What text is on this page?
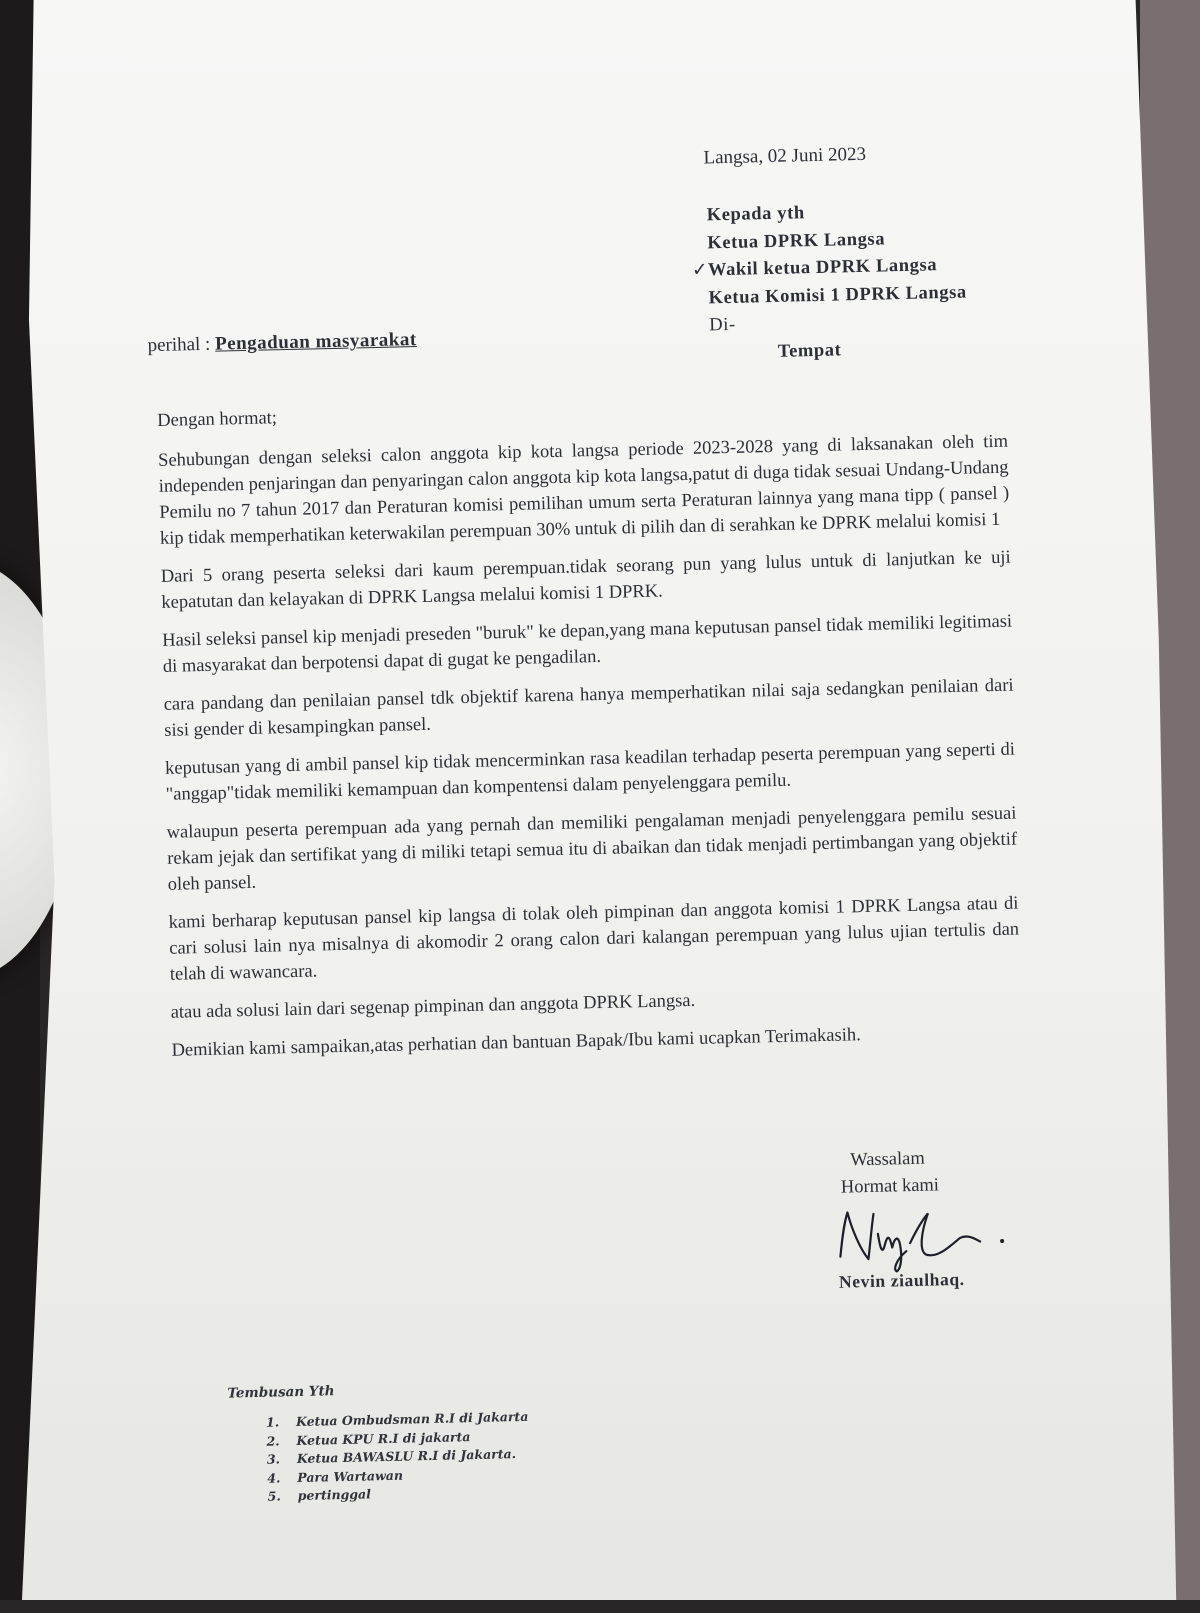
Langsa, 02 Juni 2023
Kepada yth
Ketua DPRK Langsa
✓Wakil ketua DPRK Langsa
Ketua Komisi 1 DPRK Langsa
Di-
Tempat
perihal : Pengaduan masyarakat

Dengan hormat;

Sehubungan dengan seleksi calon anggota kip kota langsa periode 2023-2028 yang di laksanakan oleh tim independen penjaringan dan penyaringan calon anggota kip kota langsa,patut di duga tidak sesuai Undang-Undang Pemilu no 7 tahun 2017 dan Peraturan komisi pemilihan umum serta Peraturan lainnya yang mana tipp ( pansel ) kip tidak memperhatikan keterwakilan perempuan 30% untuk di pilih dan di serahkan ke DPRK melalui komisi 1

Dari 5 orang peserta seleksi dari kaum perempuan.tidak seorang pun yang lulus untuk di lanjutkan ke uji kepatutan dan kelayakan di DPRK Langsa melalui komisi 1 DPRK.

Hasil seleksi pansel kip menjadi preseden "buruk" ke depan,yang mana keputusan pansel tidak memiliki legitimasi di masyarakat dan berpotensi dapat di gugat ke pengadilan.

cara pandang dan penilaian pansel tdk objektif karena hanya memperhatikan nilai saja sedangkan penilaian dari sisi gender di kesampingkan pansel.

keputusan yang di ambil pansel kip tidak mencerminkan rasa keadilan terhadap peserta perempuan yang seperti di "anggap"tidak memiliki kemampuan dan kompentensi dalam penyelenggara pemilu.

walaupun peserta perempuan ada yang pernah dan memiliki pengalaman menjadi penyelenggara pemilu sesuai rekam jejak dan sertifikat yang di miliki tetapi semua itu di abaikan dan tidak menjadi pertimbangan yang objektif oleh pansel.

kami berharap keputusan pansel kip langsa di tolak oleh pimpinan dan anggota komisi 1 DPRK Langsa atau di cari solusi lain nya misalnya di akomodir 2 orang calon dari kalangan perempuan yang lulus ujian tertulis dan telah di wawancara.

atau ada solusi lain dari segenap pimpinan dan anggota DPRK Langsa.

Demikian kami sampaikan,atas perhatian dan bantuan Bapak/Ibu kami ucapkan Terimakasih.

Wassalam
Hormat kami
Nevin ziaulhaq.
Tembusan Yth
1. Ketua Ombudsman R.I di Jakarta
2. Ketua KPU R.I di jakarta
3. Ketua BAWASLU R.I di Jakarta.
4. Para Wartawan
5. pertinggal
